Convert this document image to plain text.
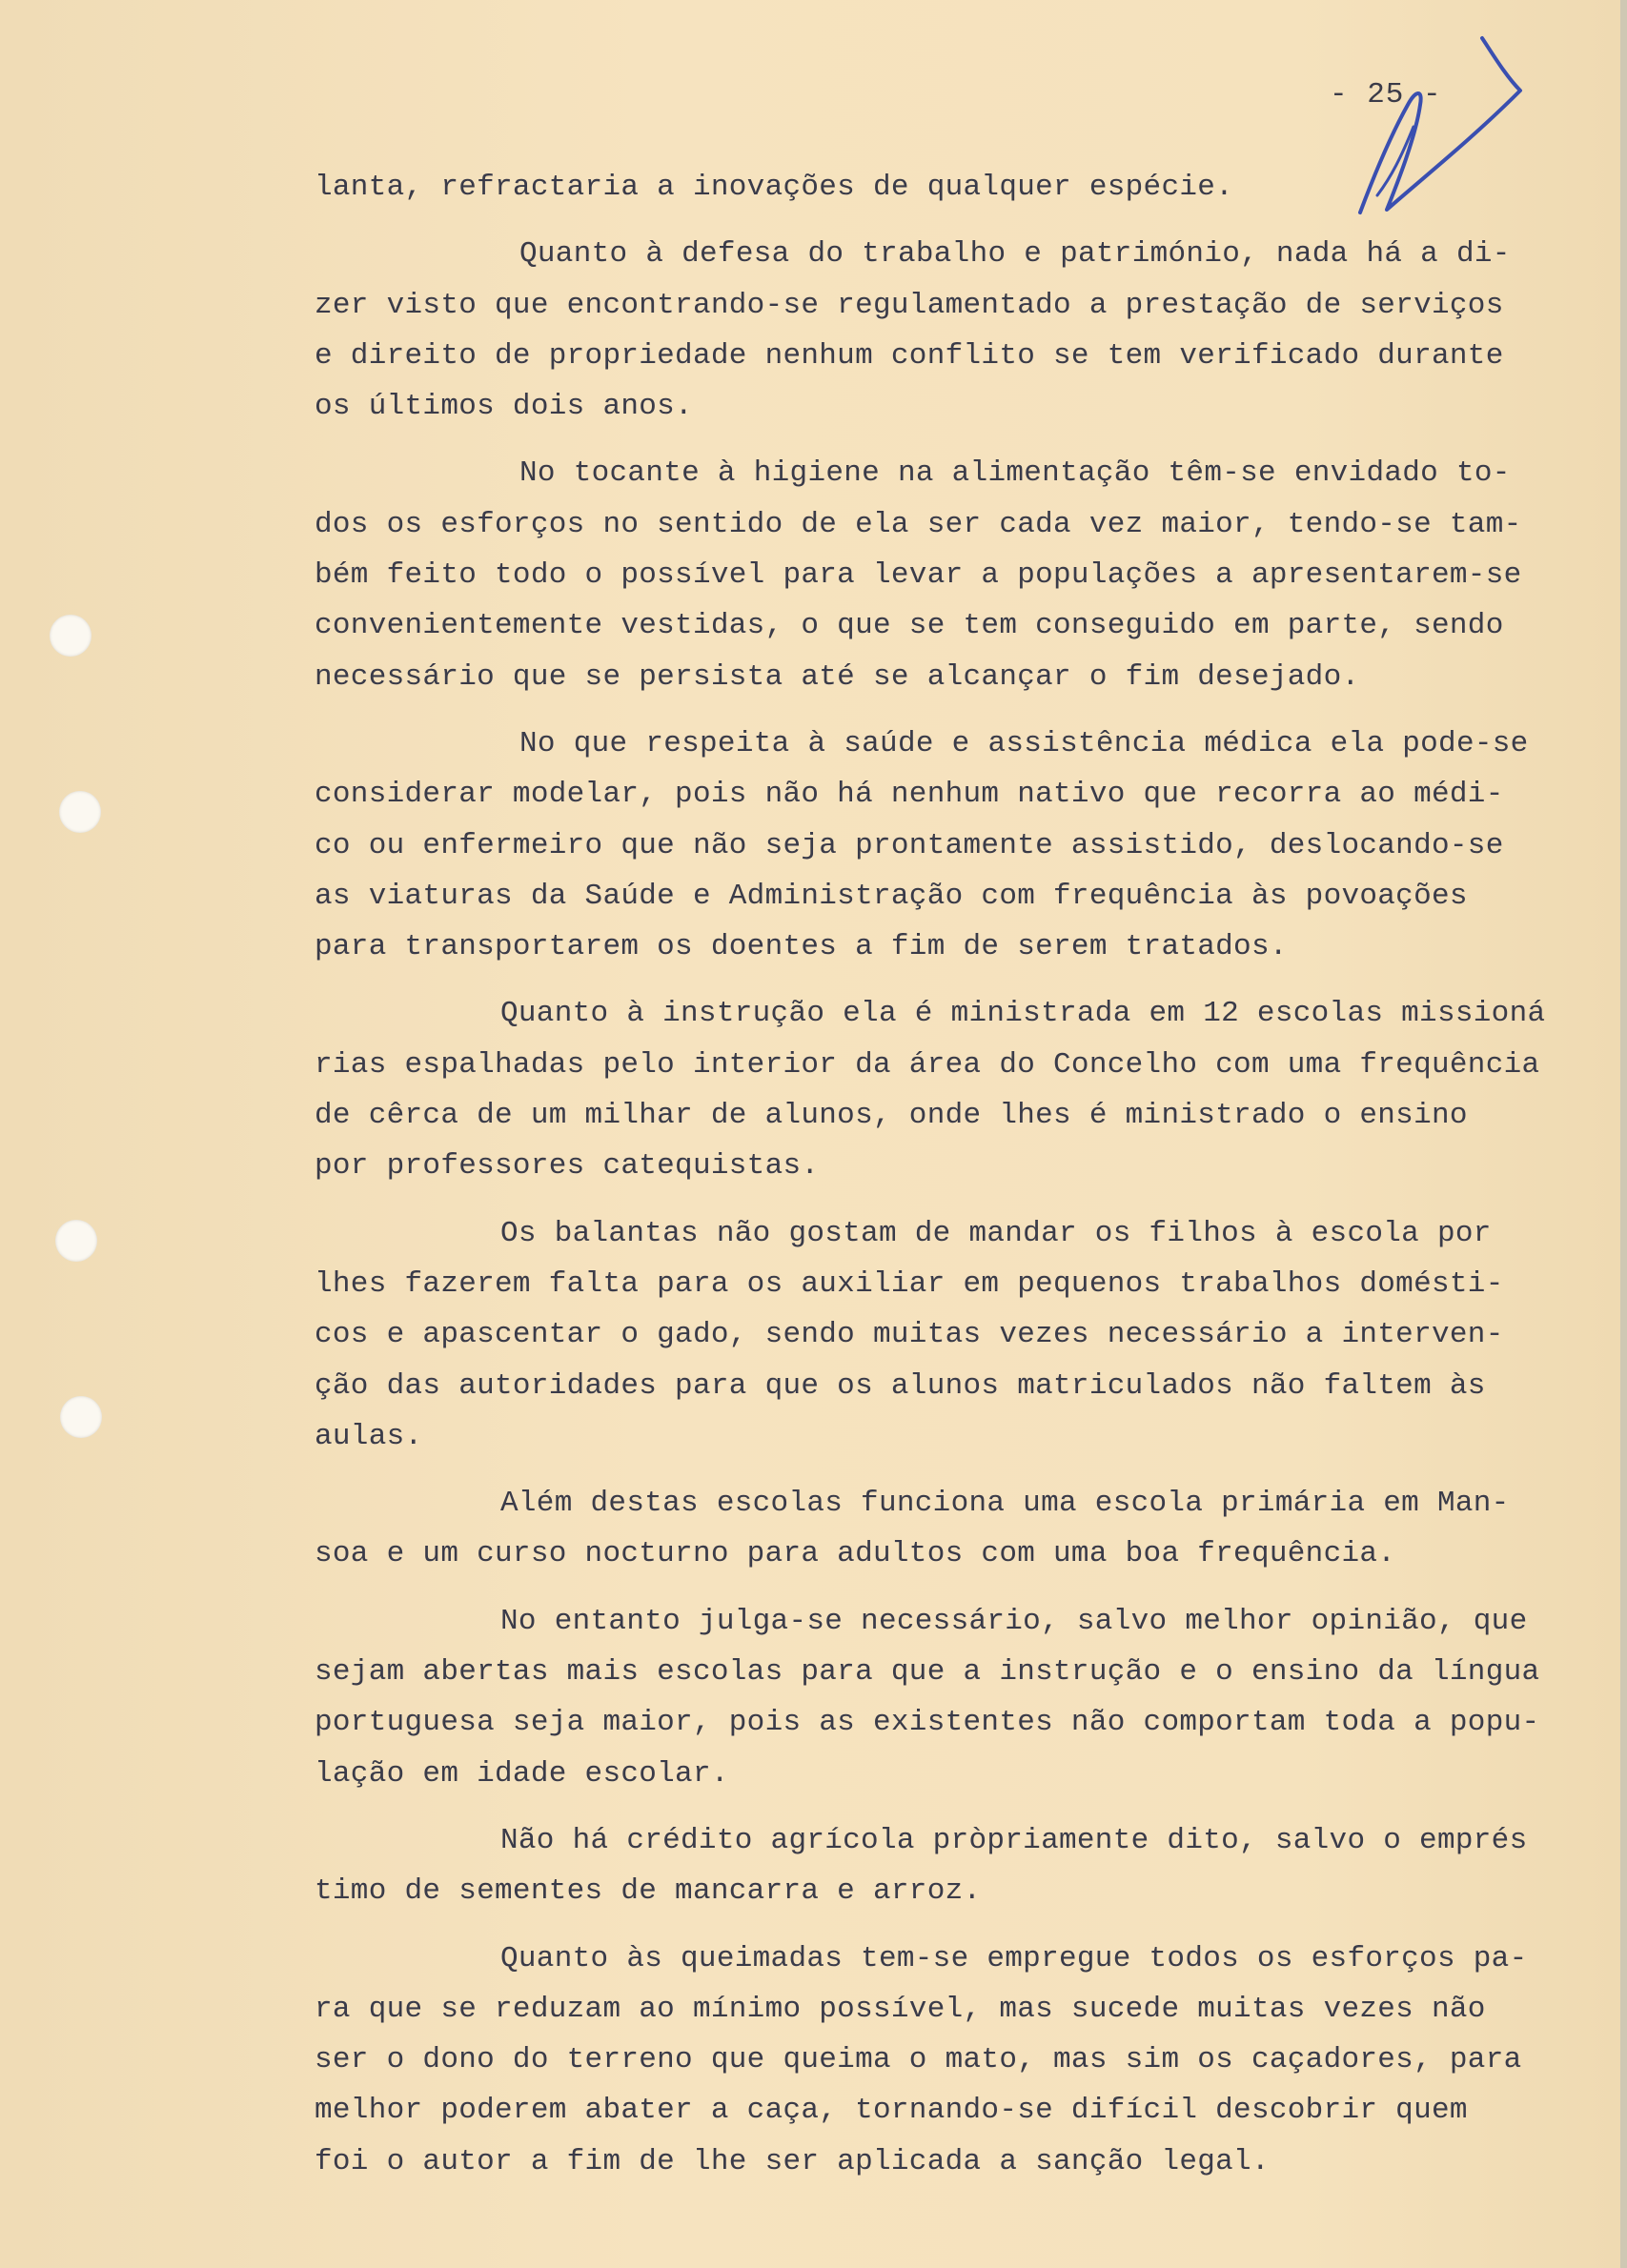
- 25 -
lanta, refractaria a inovações de qualquer espécie.
Quanto à defesa do trabalho e património, nada há a di-
zer visto que encontrando-se regulamentado a prestação de serviços
e direito de propriedade nenhum conflito se tem verificado durante
os últimos dois anos.
No tocante à higiene na alimentação têm-se envidado to-
dos os esforços no sentido de ela ser cada vez maior, tendo-se tam-
bém feito todo o possível para levar a populações a apresentarem-se
convenientemente vestidas, o que se tem conseguido em parte, sendo
necessário que se persista até se alcançar o fim desejado.
No que respeita à saúde e assistência médica ela pode-se
considerar modelar, pois não há nenhum nativo que recorra ao médi-
co ou enfermeiro que não seja prontamente assistido, deslocando-se
as viaturas da Saúde e Administração com frequência às povoações
para transportarem os doentes a fim de serem tratados.
Quanto à instrução ela é ministrada em 12 escolas missioná
rias espalhadas pelo interior da área do Concelho com uma frequência
de cêrca de um milhar de alunos, onde lhes é ministrado o ensino
por professores catequistas.
Os balantas não gostam de mandar os filhos à escola por
lhes fazerem falta para os auxiliar em pequenos trabalhos domésti-
cos e apascentar o gado, sendo muitas vezes necessário a interven-
ção das autoridades para que os alunos matriculados não faltem às
aulas.
Além destas escolas funciona uma escola primária em Man-
soa e um curso nocturno para adultos com uma boa frequência.
No entanto julga-se necessário, salvo melhor opinião, que
sejam abertas mais escolas para que a instrução e o ensino da língua
portuguesa seja maior, pois as existentes não comportam toda a popu-
lação em idade escolar.
Não há crédito agrícola pròpriamente dito, salvo o emprés
timo de sementes de mancarra e arroz.
Quanto às queimadas tem-se empregue todos os esforços pa-
ra que se reduzam ao mínimo possível, mas sucede muitas vezes não
ser o dono do terreno que queima o mato, mas sim os caçadores, para
melhor poderem abater a caça, tornando-se difícil descobrir quem
foi o autor a fim de lhe ser aplicada a sanção legal.
